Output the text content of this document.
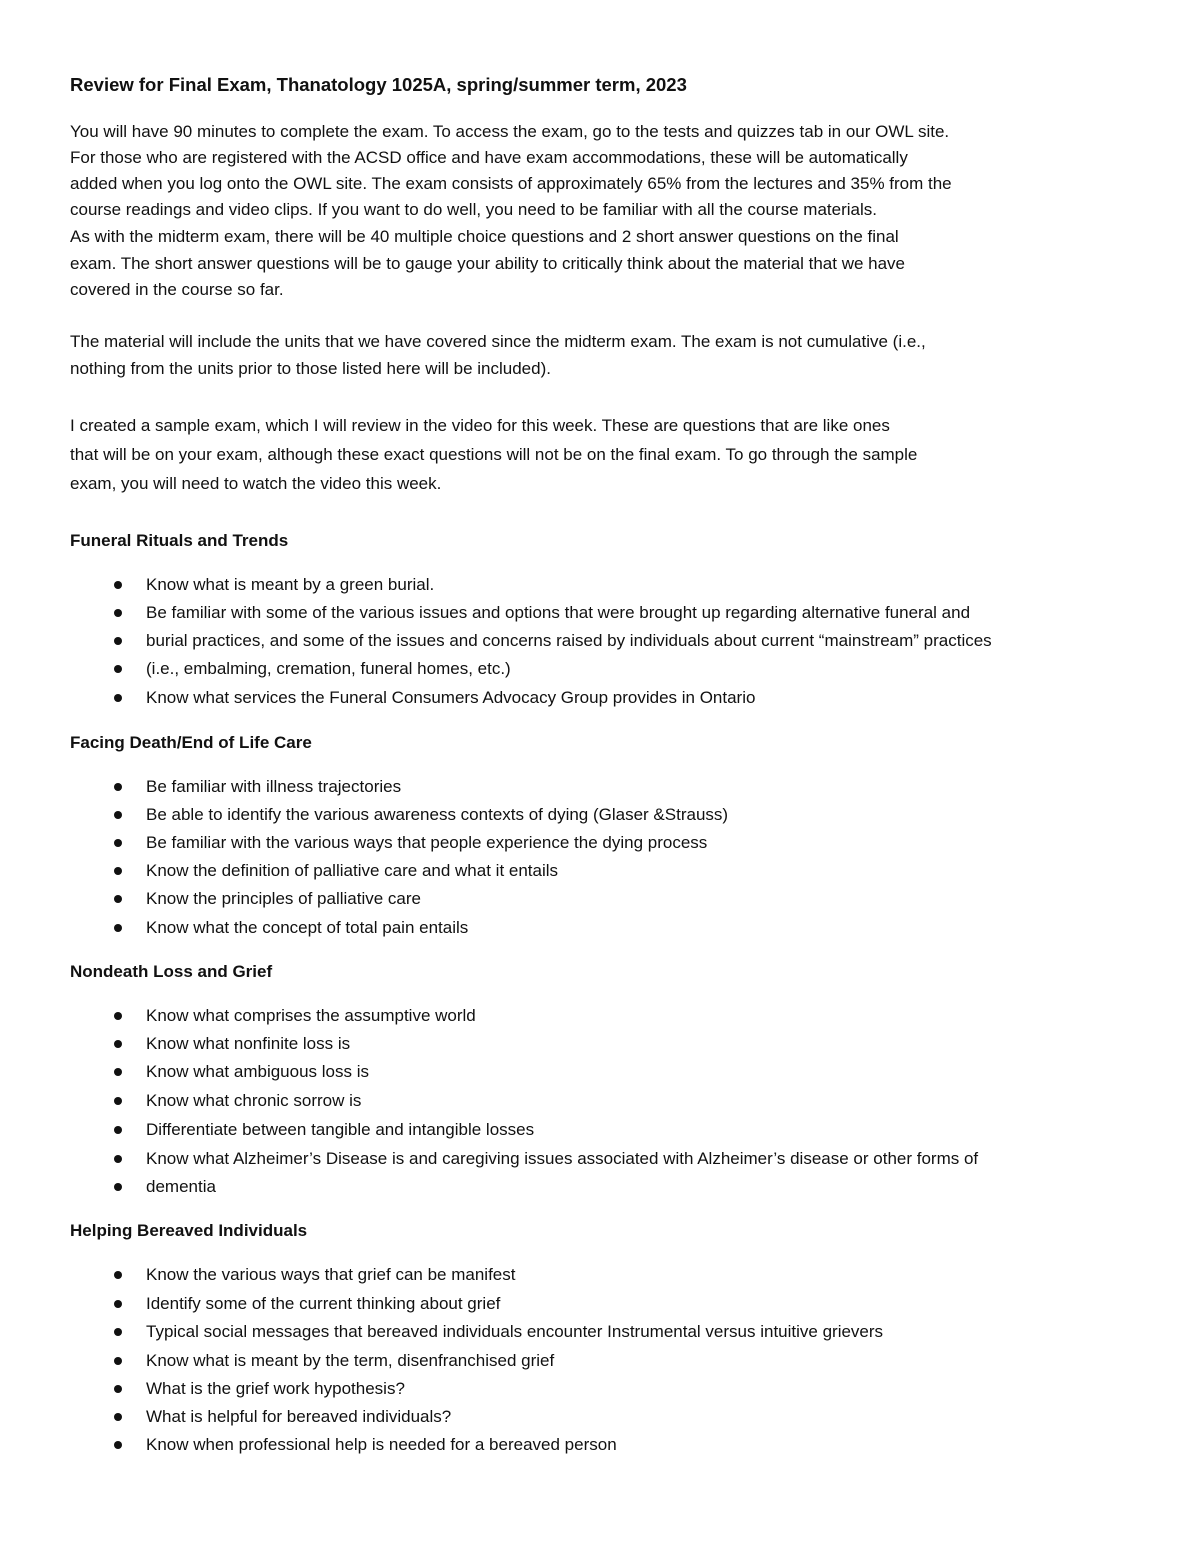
Review for Final Exam, Thanatology 1025A, spring/summer term, 2023
You will have 90 minutes to complete the exam. To access the exam, go to the tests and quizzes tab in our OWL site.
For those who are registered with the ACSD office and have exam accommodations, these will be automatically
added when you log onto the OWL site. The exam consists of approximately 65% from the lectures and 35% from the
course readings and video clips. If you want to do well, you need to be familiar with all the course materials.
As with the midterm exam, there will be 40 multiple choice questions and 2 short answer questions on the final
exam. The short answer questions will be to gauge your ability to critically think about the material that we have
covered in the course so far.
The material will include the units that we have covered since the midterm exam. The exam is not cumulative (i.e.,
nothing from the units prior to those listed here will be included).
I created a sample exam, which I will review in the video for this week. These are questions that are like ones
that will be on your exam, although these exact questions will not be on the final exam. To go through the sample
exam, you will need to watch the video this week.
Funeral Rituals and Trends
Know what is meant by a green burial.
Be familiar with some of the various issues and options that were brought up regarding alternative funeral and
burial practices, and some of the issues and concerns raised by individuals about current “mainstream” practices
(i.e., embalming, cremation, funeral homes, etc.)
Know what services the Funeral Consumers Advocacy Group provides in Ontario
Facing Death/End of Life Care
Be familiar with illness trajectories
Be able to identify the various awareness contexts of dying (Glaser &Strauss)
Be familiar with the various ways that people experience the dying process
Know the definition of palliative care and what it entails
Know the principles of palliative care
Know what the concept of total pain entails
Nondeath Loss and Grief
Know what comprises the assumptive world
Know what nonfinite loss is
Know what ambiguous loss is
Know what chronic sorrow is
Differentiate between tangible and intangible losses
Know what Alzheimer’s Disease is and caregiving issues associated with Alzheimer’s disease or other forms of
dementia
Helping Bereaved Individuals
Know the various ways that grief can be manifest
Identify some of the current thinking about grief
Typical social messages that bereaved individuals encounter Instrumental versus intuitive grievers
Know what is meant by the term, disenfranchised grief
What is the grief work hypothesis?
What is helpful for bereaved individuals?
Know when professional help is needed for a bereaved person
